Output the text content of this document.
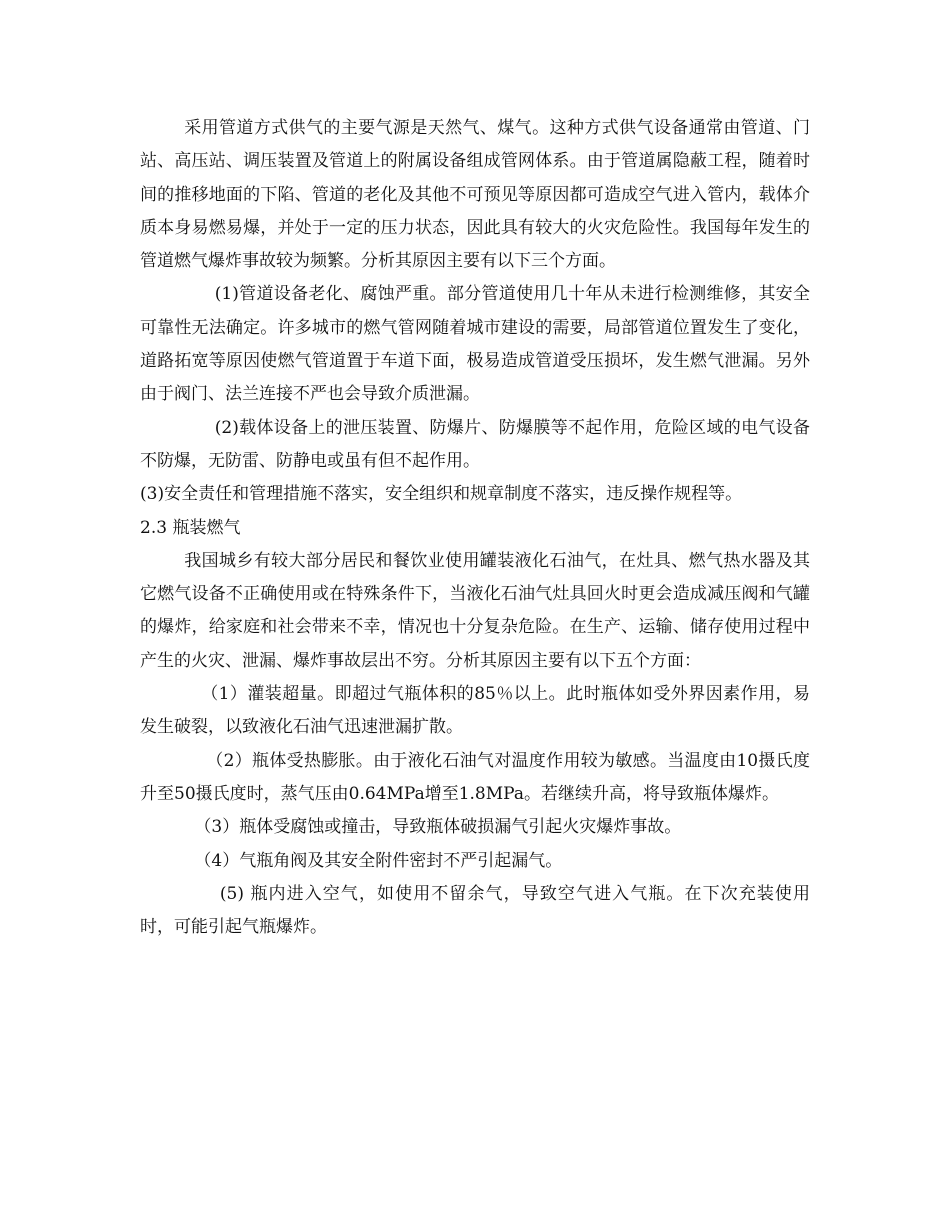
采用管道方式供气的主要气源是天然气、煤气。这种方式供气设备通常由管道、门站、高压站、调压装置及管道上的附属设备组成管网体系。由于管道属隐蔽工程，随着时间的推移地面的下陷、管道的老化及其他不可预见等原因都可造成空气进入管内，载体介质本身易燃易爆，并处于一定的压力状态，因此具有较大的火灾危险性。我国每年发生的管道燃气爆炸事故较为频繁。分析其原因主要有以下三个方面。

(1)管道设备老化、腐蚀严重。部分管道使用几十年从未进行检测维修，其安全可靠性无法确定。许多城市的燃气管网随着城市建设的需要，局部管道位置发生了变化，道路拓宽等原因使燃气管道置于车道下面，极易造成管道受压损坏，发生燃气泄漏。另外由于阀门、法兰连接不严也会导致介质泄漏。

(2)载体设备上的泄压装置、防爆片、防爆膜等不起作用，危险区域的电气设备不防爆，无防雷、防静电或虽有但不起作用。

(3)安全责任和管理措施不落实，安全组织和规章制度不落实，违反操作规程等。

2.3 瓶装燃气

我国城乡有较大部分居民和餐饮业使用罐装液化石油气，在灶具、燃气热水器及其它燃气设备不正确使用或在特殊条件下，当液化石油气灶具回火时更会造成减压阀和气罐的爆炸，给家庭和社会带来不幸，情况也十分复杂危险。在生产、运输、储存使用过程中产生的火灾、泄漏、爆炸事故层出不穷。分析其原因主要有以下五个方面：

（1）灌装超量。即超过气瓶体积的85％以上。此时瓶体如受外界因素作用，易发生破裂，以致液化石油气迅速泄漏扩散。

（2）瓶体受热膨胀。由于液化石油气对温度作用较为敏感。当温度由10摄氏度升至50摄氏度时，蒸气压由0.64MPa增至1.8MPa。若继续升高，将导致瓶体爆炸。

（3）瓶体受腐蚀或撞击，导致瓶体破损漏气引起火灾爆炸事故。

（4）气瓶角阀及其安全附件密封不严引起漏气。

(5) 瓶内进入空气，如使用不留余气，导致空气进入气瓶。在下次充装使用时，可能引起气瓶爆炸。
